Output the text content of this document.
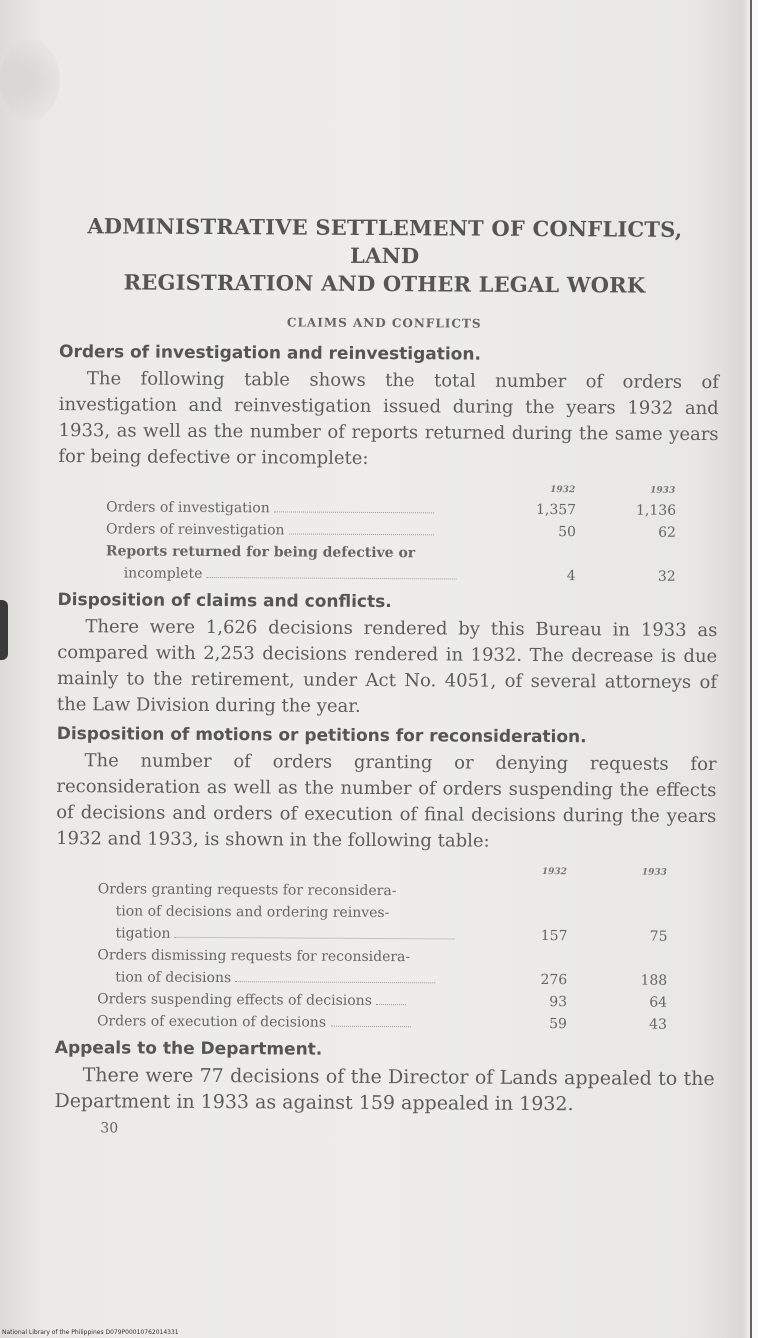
ADMINISTRATIVE SETTLEMENT OF CONFLICTS, LAND
REGISTRATION AND OTHER LEGAL WORK
CLAIMS AND CONFLICTS
Orders of investigation and reinvestigation.
The following table shows the total number of orders of investigation and reinvestigation issued during the years 1932 and 1933, as well as the number of reports returned during the same years for being defective or incomplete:
	1932	1933
Orders of investigation	1,357	1,136
Orders of reinvestigation	50	62

Reports returned for being defective or
incomplete	4	32
Disposition of claims and conflicts.
There were 1,626 decisions rendered by this Bureau in 1933 as compared with 2,253 decisions rendered in 1932. The decrease is due mainly to the retirement, under Act No. 4051, of several attorneys of the Law Division during the year.
Disposition of motions or petitions for reconsideration.
The number of orders granting or denying requests for reconsideration as well as the number of orders suspending the effects of decisions and orders of execution of final decisions during the years 1932 and 1933, is shown in the following table:
	1932	1933

Orders granting requests for reconsidera-
tion of decisions and ordering reinves-
tigation	157	75

Orders dismissing requests for reconsidera-
tion of decisions	276	188
Orders suspending effects of decisions	93	64
Orders of execution of decisions	59	43
Appeals to the Department.
There were 77 decisions of the Director of Lands appealed to the Department in 1933 as against 159 appealed in 1932.
30
National Library of the Philippines D079P00010762014331
